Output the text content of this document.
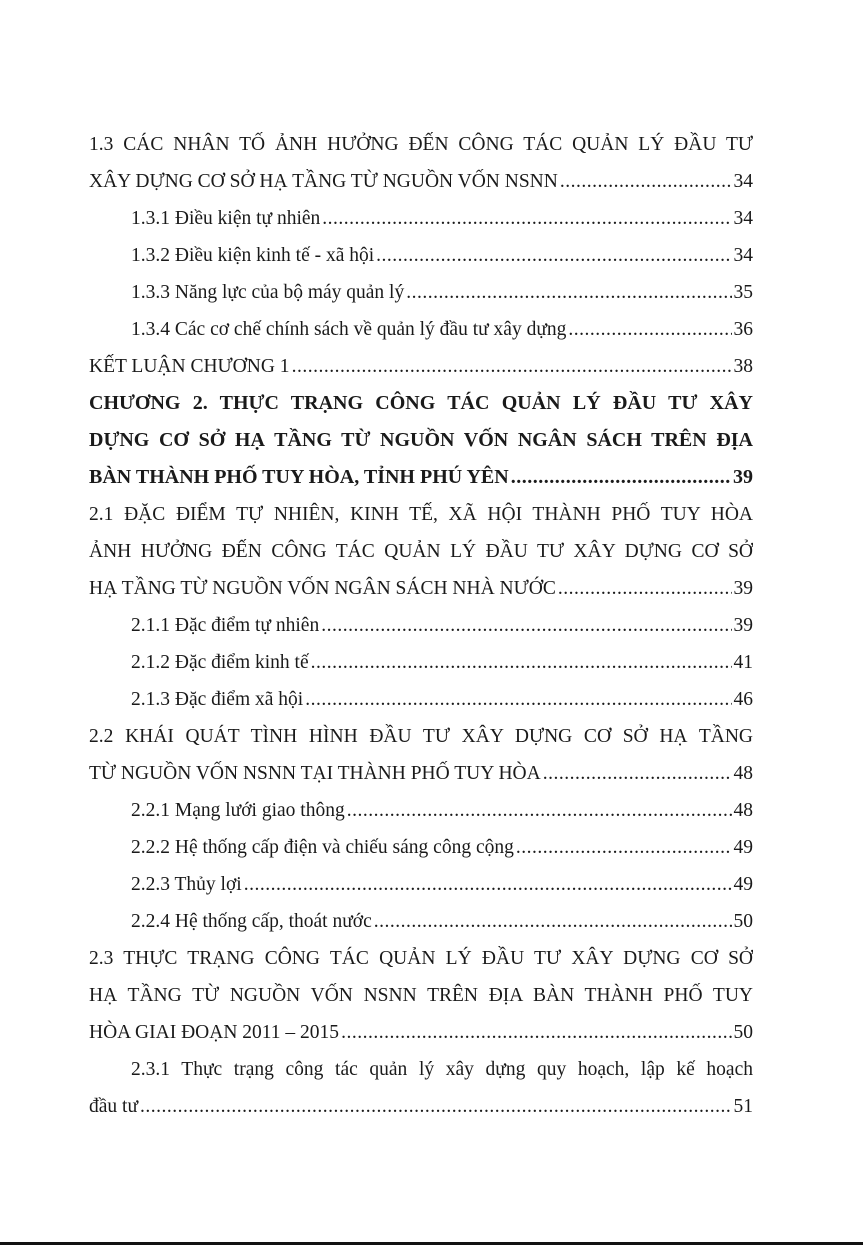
1.3 CÁC NHÂN TỐ ẢNH HƯỞNG ĐẾN CÔNG TÁC QUẢN LÝ ĐẦU TƯ
XÂY DỰNG CƠ SỞ HẠ TẦNG TỪ NGUỒN VỐN NSNN .....	34
1.3.1 Điều kiện tự nhiên .....	34
1.3.2 Điều kiện kinh tế - xã hội .....	34
1.3.3 Năng lực của bộ máy quản lý .....	35
1.3.4 Các cơ chế chính sách về quản lý đầu tư xây dựng .....	36
KẾT LUẬN CHƯƠNG 1 .....	38
CHƯƠNG 2. THỰC TRẠNG CÔNG TÁC QUẢN LÝ ĐẦU TƯ XÂY
DỰNG CƠ SỞ HẠ TẦNG TỪ NGUỒN VỐN NGÂN SÁCH TRÊN ĐỊA
BÀN THÀNH PHỐ TUY HÒA, TỈNH PHÚ YÊN .....	39
2.1 ĐẶC ĐIỂM TỰ NHIÊN, KINH TẾ, XÃ HỘI THÀNH PHỐ TUY HÒA
ẢNH HƯỞNG ĐẾN CÔNG TÁC QUẢN LÝ ĐẦU TƯ XÂY DỰNG CƠ SỞ
HẠ TẦNG TỪ NGUỒN VỐN NGÂN SÁCH NHÀ NƯỚC .....	39
2.1.1 Đặc điểm tự nhiên .....	39
2.1.2 Đặc điểm kinh tế .....	41
2.1.3 Đặc điểm xã hội .....	46
2.2 KHÁI QUÁT TÌNH HÌNH ĐẦU TƯ XÂY DỰNG CƠ SỞ HẠ TẦNG
TỪ NGUỒN VỐN NSNN TẠI THÀNH PHỐ TUY HÒA .....	48
2.2.1 Mạng lưới giao thông .....	48
2.2.2 Hệ thống cấp điện và chiếu sáng công cộng .....	49
2.2.3 Thủy lợi .....	49
2.2.4 Hệ thống cấp, thoát nước .....	50
2.3 THỰC TRẠNG CÔNG TÁC QUẢN LÝ ĐẦU TƯ XÂY DỰNG CƠ SỞ
HẠ TẦNG TỪ NGUỒN VỐN NSNN TRÊN ĐỊA BÀN THÀNH PHỐ TUY
HÒA GIAI ĐOẠN 2011 – 2015 .....	50
2.3.1 Thực trạng công tác quản lý xây dựng quy hoạch, lập kế hoạch
đầu tư .....	51
